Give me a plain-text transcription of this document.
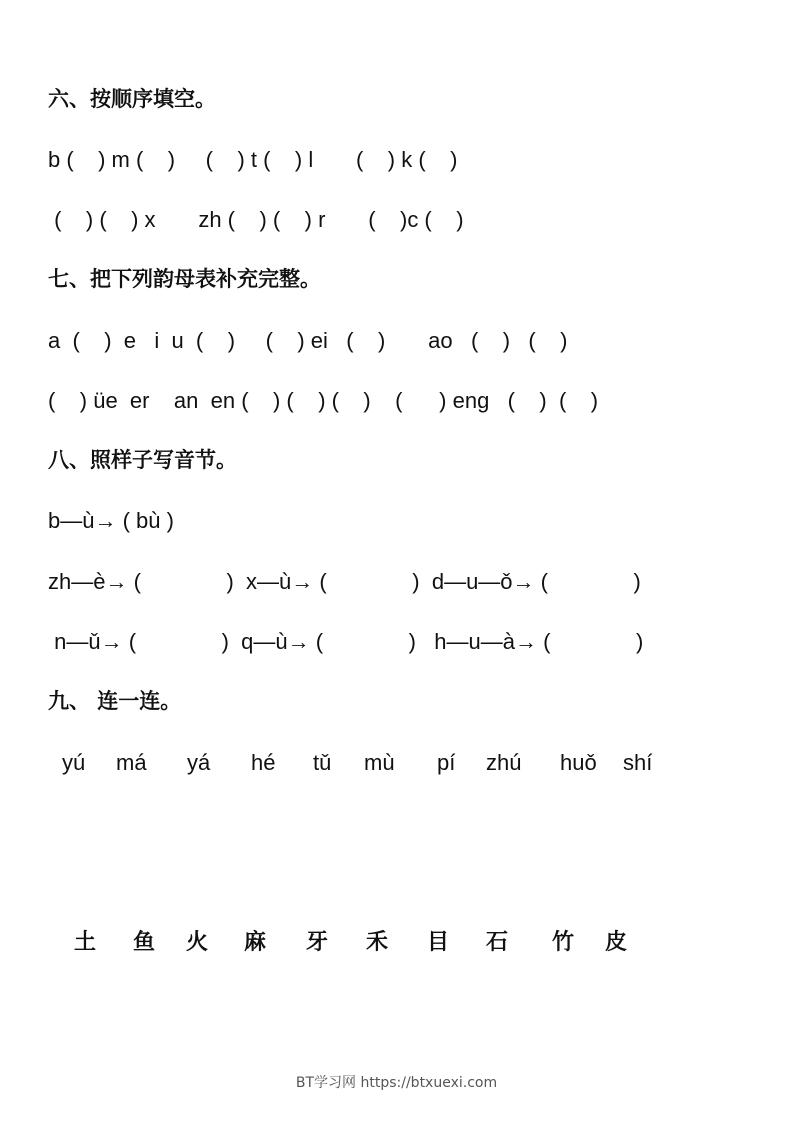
六、按顺序填空。
b (    ) m (    )     (    ) t (    ) l       (    ) k (    )
(    ) (    ) x       zh (    ) (    ) r       (    )c (    )
七、把下列韵母表补充完整。
a  (    )  e   i  u  (    )     (    ) ei   (    )       ao   (    )   (    )
(    ) üe  er    an  en (    ) (    ) (    )    (      ) eng   (    )  (    )
八、照样子写音节。
b—ù→ ( bù )
zh—è→ (              )  x—ù→ (              )  d—u—ǒ→ (              )
n—ǔ→ (              )  q—ù→ (              )   h—u—à→ (              )
九、 连一连。
yú má yá hé tǔ mù pí zhú huǒ shí
土 鱼 火 麻 牙 禾 目 石 竹 皮
BT学习网 https://btxuexi.com
